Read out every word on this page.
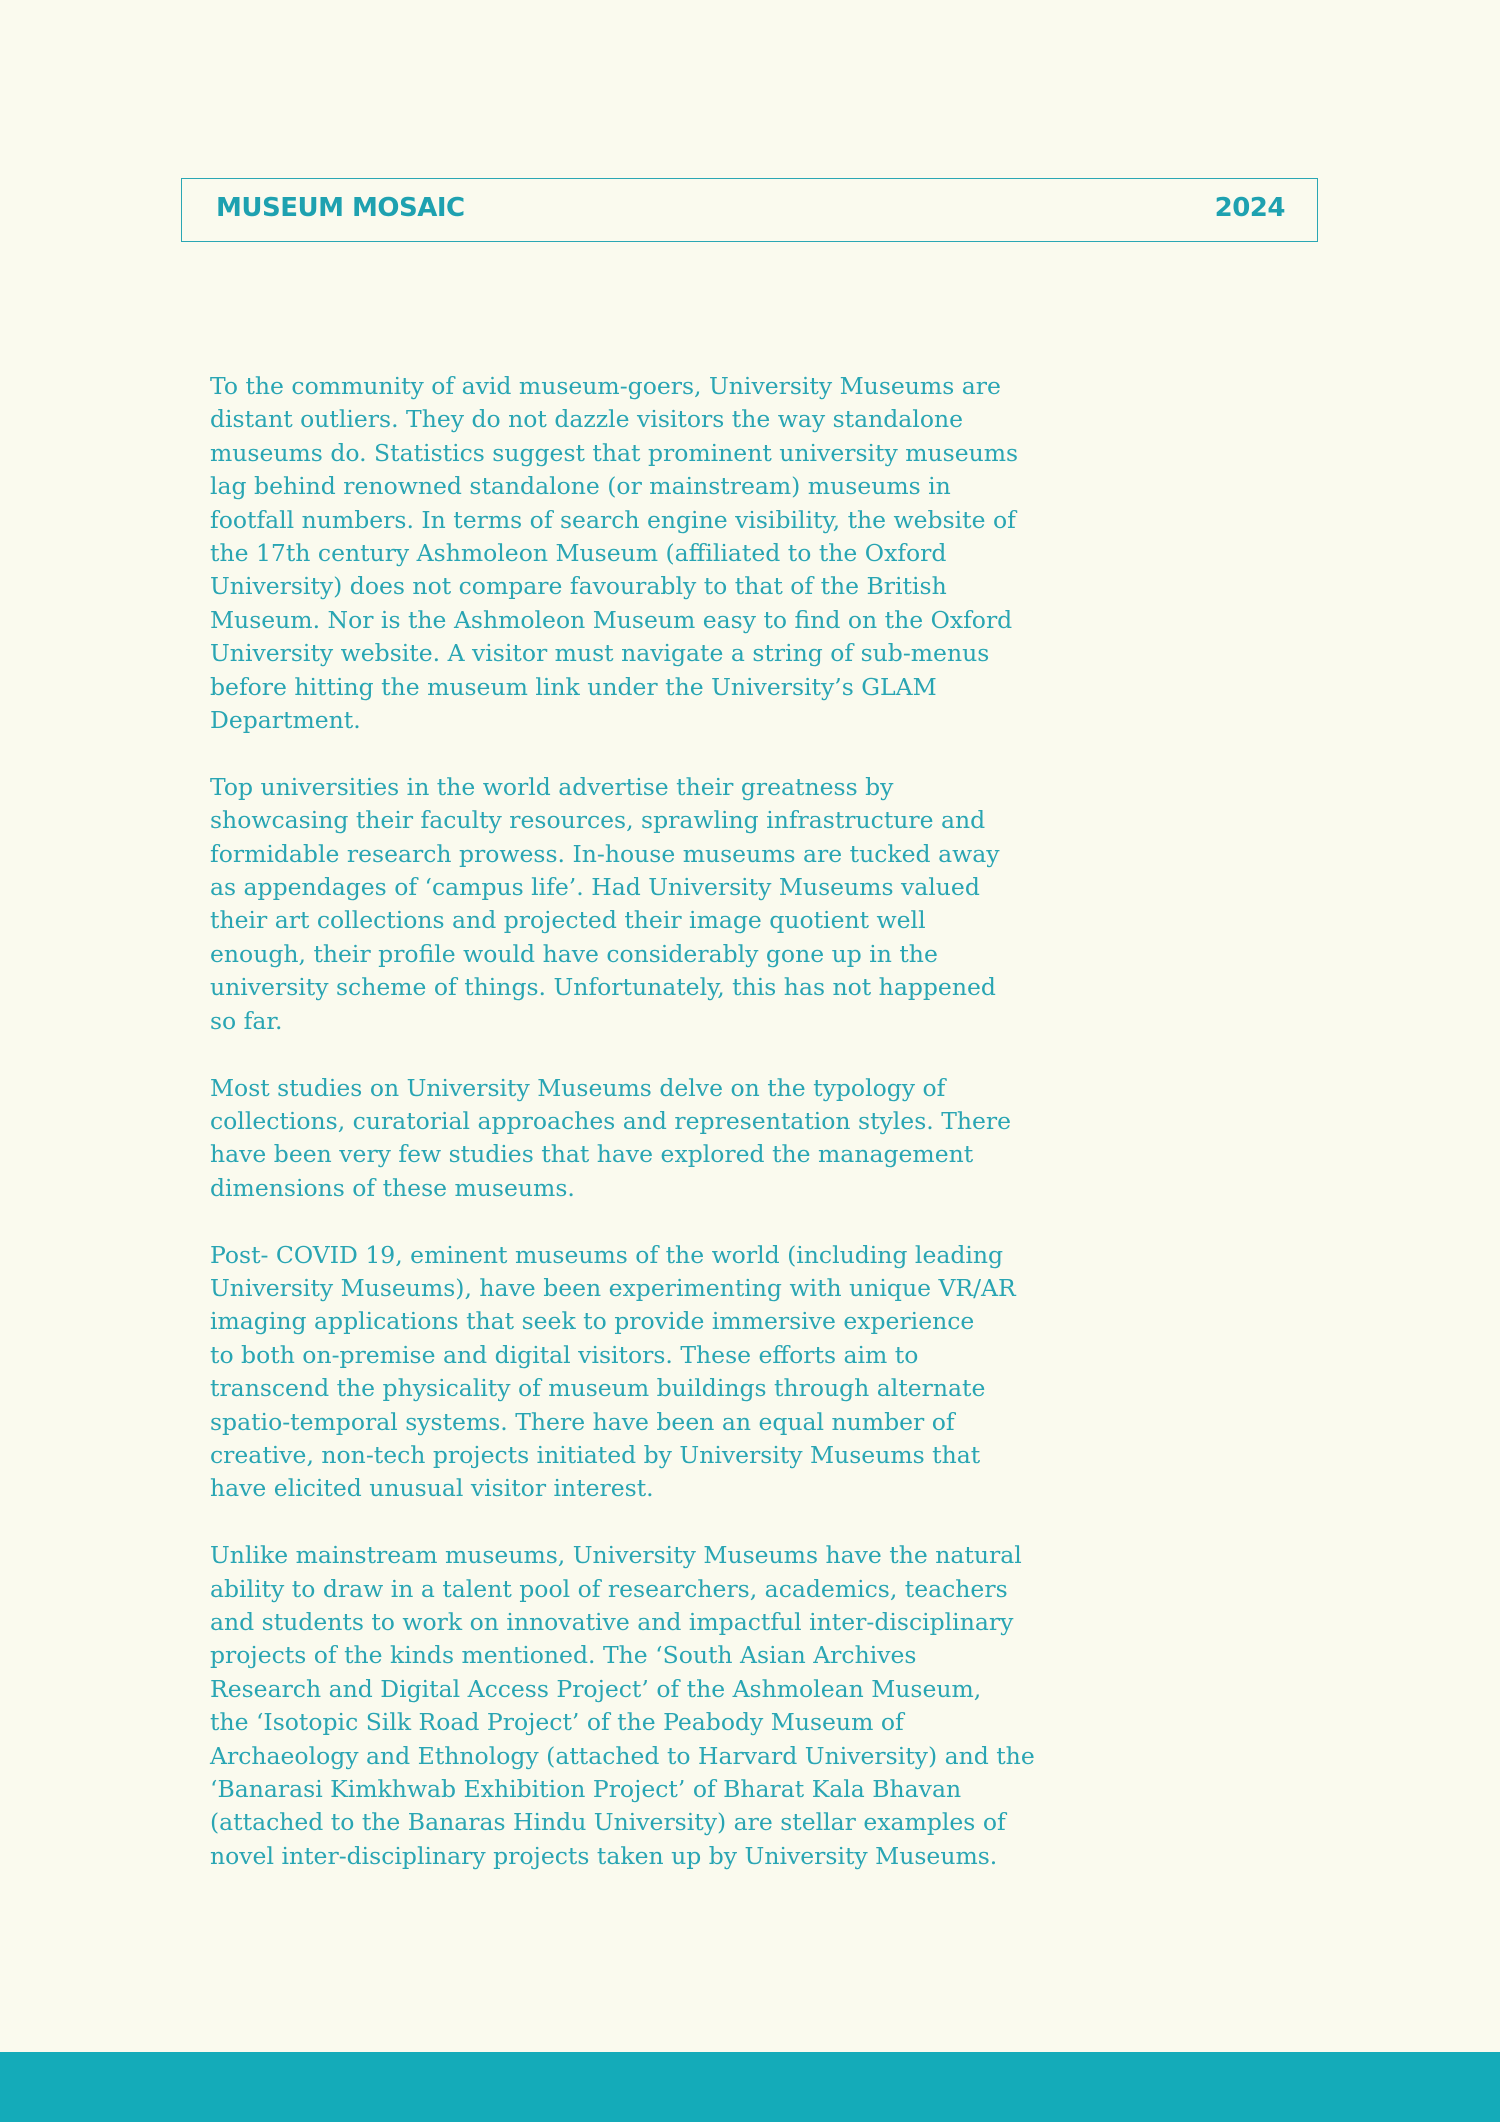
MUSEUM MOSAIC	2024

To the community of avid museum-goers, University Museums are
distant outliers. They do not dazzle visitors the way standalone
museums do. Statistics suggest that prominent university museums
lag behind renowned standalone (or mainstream) museums in
footfall numbers. In terms of search engine visibility, the website of
the 17th century Ashmoleon Museum (affiliated to the Oxford
University) does not compare favourably to that of the British
Museum. Nor is the Ashmoleon Museum easy to find on the Oxford
University website. A visitor must navigate a string of sub-menus
before hitting the museum link under the University’s GLAM
Department.

Top universities in the world advertise their greatness by
showcasing their faculty resources, sprawling infrastructure and
formidable research prowess. In-house museums are tucked away
as appendages of ‘campus life’. Had University Museums valued
their art collections and projected their image quotient well
enough, their profile would have considerably gone up in the
university scheme of things. Unfortunately, this has not happened
so far.

Most studies on University Museums delve on the typology of
collections, curatorial approaches and representation styles. There
have been very few studies that have explored the management
dimensions of these museums.

Post- COVID 19, eminent museums of the world (including leading
University Museums), have been experimenting with unique VR/AR
imaging applications that seek to provide immersive experience
to both on-premise and digital visitors. These efforts aim to
transcend the physicality of museum buildings through alternate
spatio-temporal systems. There have been an equal number of
creative, non-tech projects initiated by University Museums that
have elicited unusual visitor interest.

Unlike mainstream museums, University Museums have the natural
ability to draw in a talent pool of researchers, academics, teachers
and students to work on innovative and impactful inter-disciplinary
projects of the kinds mentioned. The ‘South Asian Archives
Research and Digital Access Project’ of the Ashmolean Museum,
the ‘Isotopic Silk Road Project’ of the Peabody Museum of
Archaeology and Ethnology (attached to Harvard University) and the
‘Banarasi Kimkhwab Exhibition Project’ of Bharat Kala Bhavan
(attached to the Banaras Hindu University) are stellar examples of
novel inter-disciplinary projects taken up by University Museums.
